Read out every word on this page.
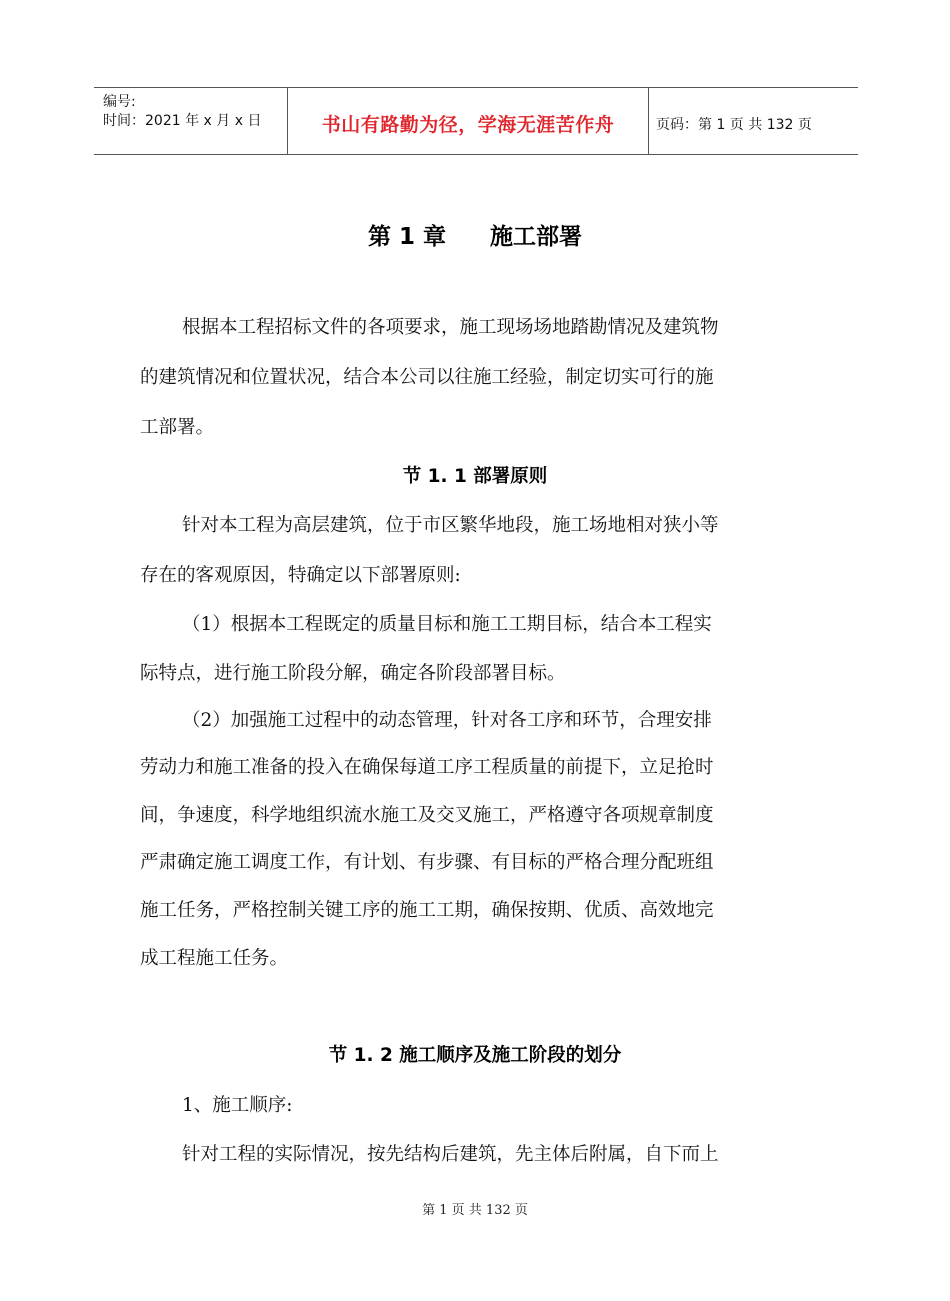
编号:
时间：2021 年 x 月 x 日	书山有路勤为径，学海无涯苦作舟	页码：第 1 页 共 132 页
第 1 章 施工部署
根据本工程招标文件的各项要求，施工现场场地踏勘情况及建筑物
的建筑情况和位置状况，结合本公司以往施工经验，制定切实可行的施
工部署。
节 1. 1 部署原则
针对本工程为高层建筑，位于市区繁华地段，施工场地相对狭小等
存在的客观原因，特确定以下部署原则:
（1）根据本工程既定的质量目标和施工工期目标，结合本工程实
际特点，进行施工阶段分解，确定各阶段部署目标。
（2）加强施工过程中的动态管理，针对各工序和环节，合理安排
劳动力和施工准备的投入在确保每道工序工程质量的前提下，立足抢时
间，争速度，科学地组织流水施工及交叉施工，严格遵守各项规章制度
严肃确定施工调度工作，有计划、有步骤、有目标的严格合理分配班组
施工任务，严格控制关键工序的施工工期，确保按期、优质、高效地完
成工程施工任务。
节 1. 2 施工顺序及施工阶段的划分
1、施工顺序:
针对工程的实际情况，按先结构后建筑，先主体后附属，自下而上
第 1 页 共 132 页
